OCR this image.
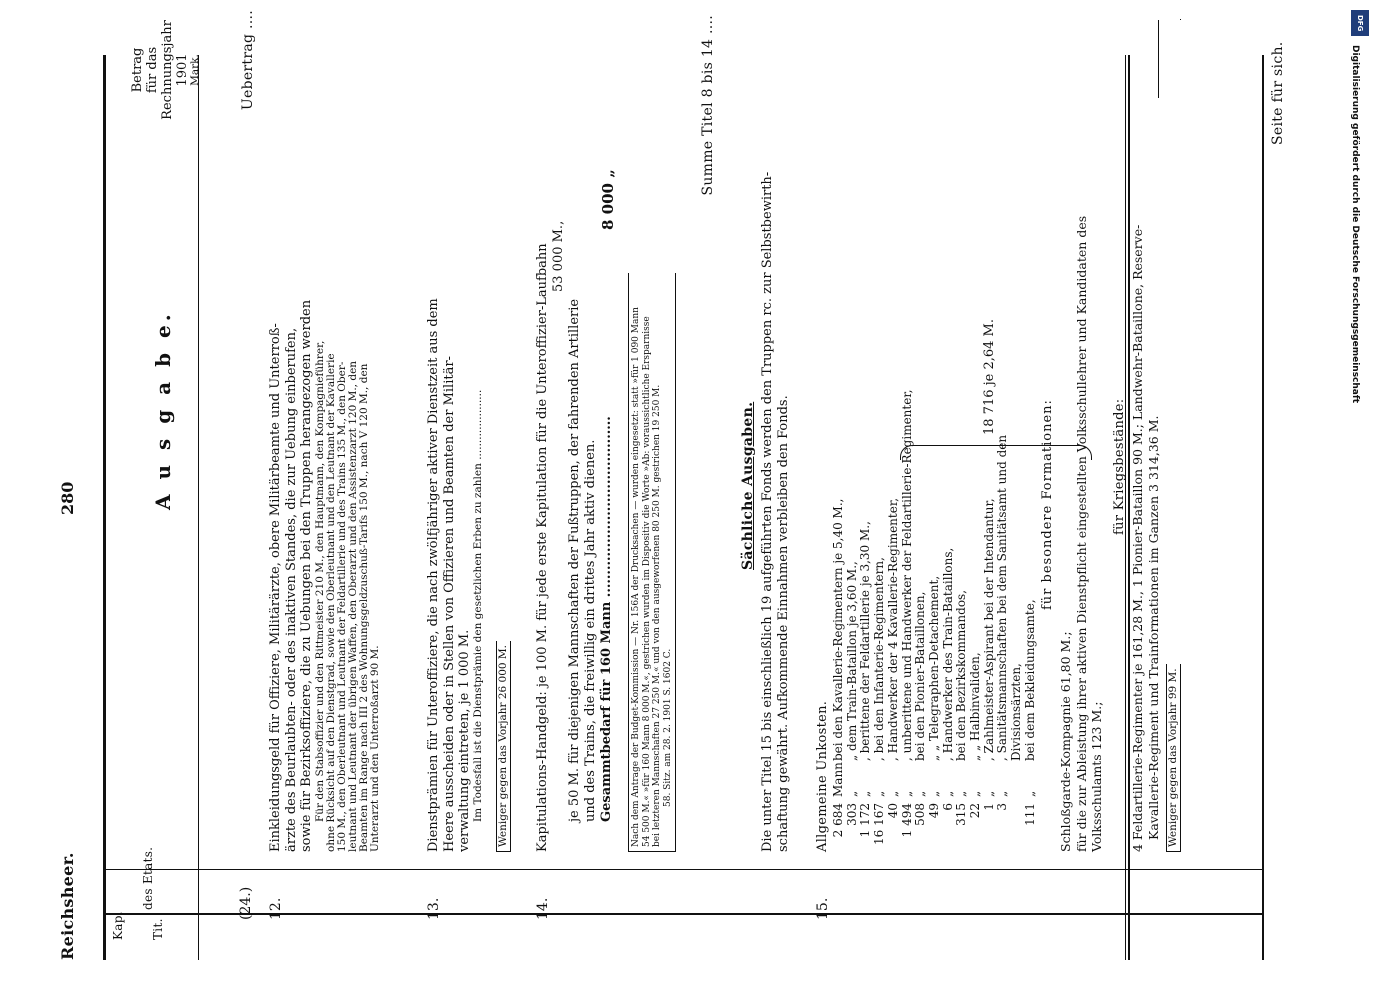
Reichsheer.
280
Kap. Tit.
des Etats.
A u s g a b e.
Betrag für das Rechnungsjahr 1901 Mark.
(24.) 12.
Uebertrag ....
Einkleidungsgeld für Offiziere, Militärärzte, obere Militärbeamte und Unterroß- ärzte des Beurlaubten- oder des inaktiven Standes, die zur Uebung einberufen, sowie für Bezirksoffiziere, die zu Uebungen bei den Truppen herangezogen werden Für den Stabsoffizier und den Rittmeister 210 M., den Hauptmann, den Kompagnieführer, ohne Rücksicht auf den Dienstgrad, sowie den Oberleutnant und den Leutnant der Kavallerie 150 M., den Oberleutnant und Leutnant der Feldartillerie und des Trains 135 M., den Ober- leutnant und Leutnant der übrigen Waffen, den Oberarzt und den Assistenzarzt 120 M., den Beamten im Range nach III 2 des Wohnungsgeldzuschuß-Tarifs 150 M., nach V 120 M., den Unterarzt und den Unterroßarzt 90 M.
13.
Dienstprämien für Unteroffiziere, die nach zwölfjähriger aktiver Dienstzeit aus dem Heere ausscheiden oder in Stellen von Offizieren und Beamten der Militär- verwaltung eintreten, je 1 000 M. Im Todesfall ist die Dienstprämie den gesetzlichen Erben zu zahlen ..................... Weniger gegen das Vorjahr 26 000 M.
14.
Kapitulations-Handgeld: je 100 M. für jede erste Kapitulation für die Unteroffizier-Laufbahn 53 000 M.,
je 50 M. für diejenigen Mannschaften der Fußtruppen, der fahrenden Artillerie und des Trains, die freiwillig ein drittes Jahr aktiv dienen. Gesammtbedarf für 160 Mann ........................................
8 000 „
Nach dem Antrage der Budget-Kommission — Nr. 156A der Drucksachen — wurden eingesetzt: statt »für 1 090 Mann 54 500 M.« »für 160 Mann 8 000 M.«, gestrichen wurden im Dispositiv die Worte »Ab: voraussichtliche Ersparnisse bei letzteren Mannschaften 27 250 M.« und von den ausgeworfenen 80 250 M. gestrichen 19 250 M. 58. Sitz. am 28. 2. 1901 S. 1602 C.
Summe Titel 8 bis 14 ....
Sächliche Ausgaben. Die unter Titel 15 bis einschließlich 19 aufgeführten Fonds werden den Truppen rc. zur Selbstbewirth- schaftung gewährt. Aufkommende Einnahmen verbleiben den Fonds.
15.
Allgemeine Unkosten. 2 684Mannbei den Kavallerie-Regimentern je 5,40 M.,
303„„ dem Train-Bataillon je 3,60 M.,
1 172„, berittene der Feldartillerie je 3,30 M.,
16 167„, bei den Infanterie-Regimentern,
40„, Handwerker der 4 Kavallerie-Regimenter,
1 494„, unberittene und Handwerker der Feldartillerie-Regimenter,
508„bei den Pionier-Bataillonen,
49„„ „ Telegraphen-Detachement,
6„, Handwerker des Train-Bataillons,
315„bei den Bezirkskommandos,
22„„ „ Halbinvaliden,
1„, Zahlmeister-Aspirant bei der Intendantur,
3„, Sanitätsmannschaften bei dem Sanitätsamt und den Divisionsärzten,
111„bei dem Bekleidungsamte,
18 716 je 2,64 M.
für besondere Formationen:
Schloßgarde-Kompagnie 61,80 M.; für die zur Ableistung ihrer aktiven Dienstpflicht eingestellten Volksschullehrer und Kandidaten des Volksschulamts 123 M.;
für Kriegsbestände: 4 Feldartillerie-Regimenter je 161,28 M., 1 Pionier-Bataillon 90 M.; Landwehr-Bataillone, Reserve- Kavallerie-Regiment und Trainformationen im Ganzen 3 314,36 M. Weniger gegen das Vorjahr 99 M.
Seite für sich.
DFG
Digitalisierung gefördert durch die Deutsche Forschungsgemeinschaft
